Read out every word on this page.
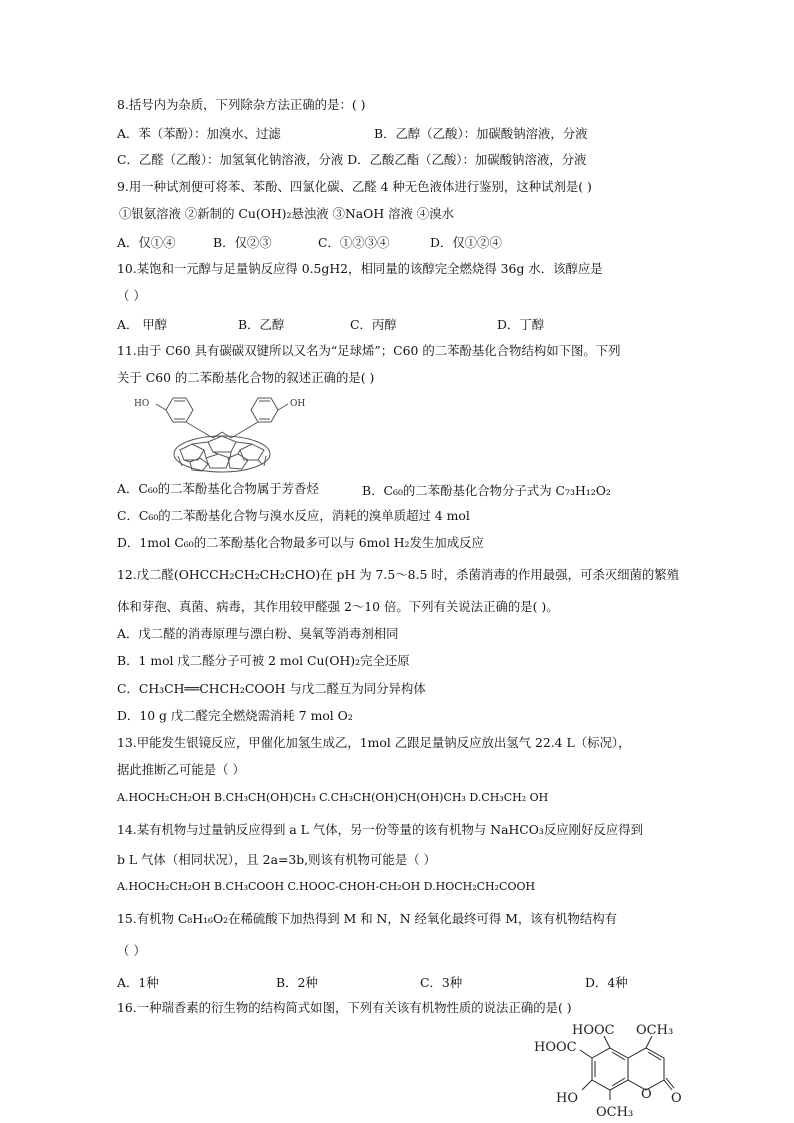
8.括号内为杂质，下列除杂方法正确的是：( )

A．苯（苯酚）：加溴水、过滤	B．乙醇（乙酸）：加碳酸钠溶液，分液

C．乙醛（乙酸）：加氢氧化钠溶液，分液 D．乙酸乙酯（乙酸）：加碳酸钠溶液，分液

9.用一种试剂便可将苯、苯酚、四氯化碳、乙醛 4 种无色液体进行鉴别，这种试剂是( )

①银氨溶液 ②新制的 Cu(OH)₂悬浊液 ③NaOH 溶液 ④溴水

A．仅①④	B．仅②③	C．①②③④	D．仅①②④

10.某饱和一元醇与足量钠反应得 0.5gH2，相同量的该醇完全燃烧得 36g 水．该醇应是

（ ）

A． 甲醇	B．乙醇	C．丙醇	D．丁醇

11.由于 C60 具有碳碳双键所以又名为“足球烯”；C60 的二苯酚基化合物结构如下图。下列

关于 C60 的二苯酚基化合物的叙述正确的是( )

HO	OH

A．C₆₀的二苯酚基化合物属于芳香烃	B．C₆₀的二苯酚基化合物分子式为 C₇₃H₁₂O₂

C．C₆₀的二苯酚基化合物与溴水反应，消耗的溴单质超过 4 mol

D．1mol C₆₀的二苯酚基化合物最多可以与 6mol H₂发生加成反应

12.戊二醛(OHCCH₂CH₂CH₂CHO)在 pH 为 7.5～8.5 时，杀菌消毒的作用最强，可杀灭细菌的繁殖

体和芽孢、真菌、病毒，其作用较甲醛强 2～10 倍。下列有关说法正确的是( )。

A．戊二醛的消毒原理与漂白粉、臭氧等消毒剂相同

B．1 mol 戊二醛分子可被 2 mol Cu(OH)₂完全还原

C．CH₃CH══CHCH₂COOH 与戊二醛互为同分异构体

D．10 g 戊二醛完全燃烧需消耗 7 mol O₂

13.甲能发生银镜反应，甲催化加氢生成乙，1mol 乙跟足量钠反应放出氢气 22.4 L（标况），

据此推断乙可能是（ ）

A.HOCH₂CH₂OH B.CH₃CH(OH)CH₃ C.CH₃CH(OH)CH(OH)CH₃ D.CH₃CH₂ OH

14.某有机物与过量钠反应得到 a L 气体，另一份等量的该有机物与 NaHCO₃反应刚好反应得到

b L 气体（相同状况），且 2a=3b,则该有机物可能是（ ）

A.HOCH₂CH₂OH B.CH₃COOH C.HOOC-CHOH-CH₂OH D.HOCH₂CH₂COOH

15.有机物 C₈H₁₆O₂在稀硫酸下加热得到 M 和 N，N 经氧化最终可得 M，该有机物结构有

（ ）

A．1种	B．2种	C．3种	D．4种

16.一种瑞香素的衍生物的结构简式如图，下列有关该有机物性质的说法正确的是( )

HOOC OCH₃
HOOC
HO	O O
OCH₃
